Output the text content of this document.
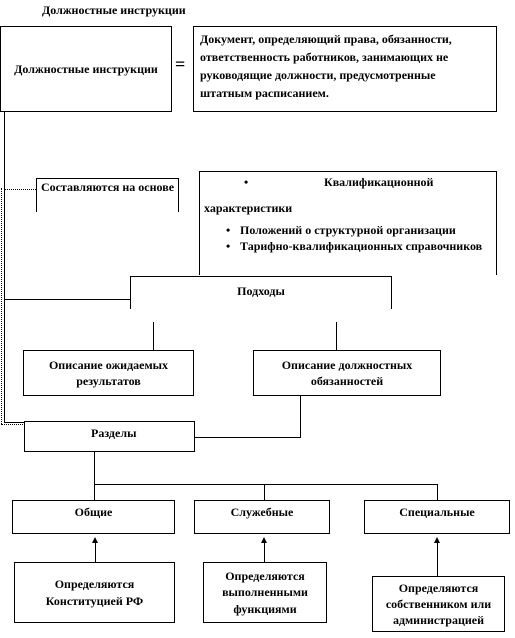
Должностные инструкции
Должностные инструкции =
Документ, определяющий права, обязанности, ответственность работников, занимающих не руководящие должности, предусмотренные штатным расписанием.
Составляются на основе	•	Квалификационной
характеристики
• Положений о структурной организации
• Тарифно-квалификационных справочников
Подходы
Описание ожидаемых результатов
Описание должностных обязанностей
Разделы
Общие	Служебные	Специальные
Определяются Конституцией РФ
Определяются выполненными функциями
Определяются собственником или администрацией
